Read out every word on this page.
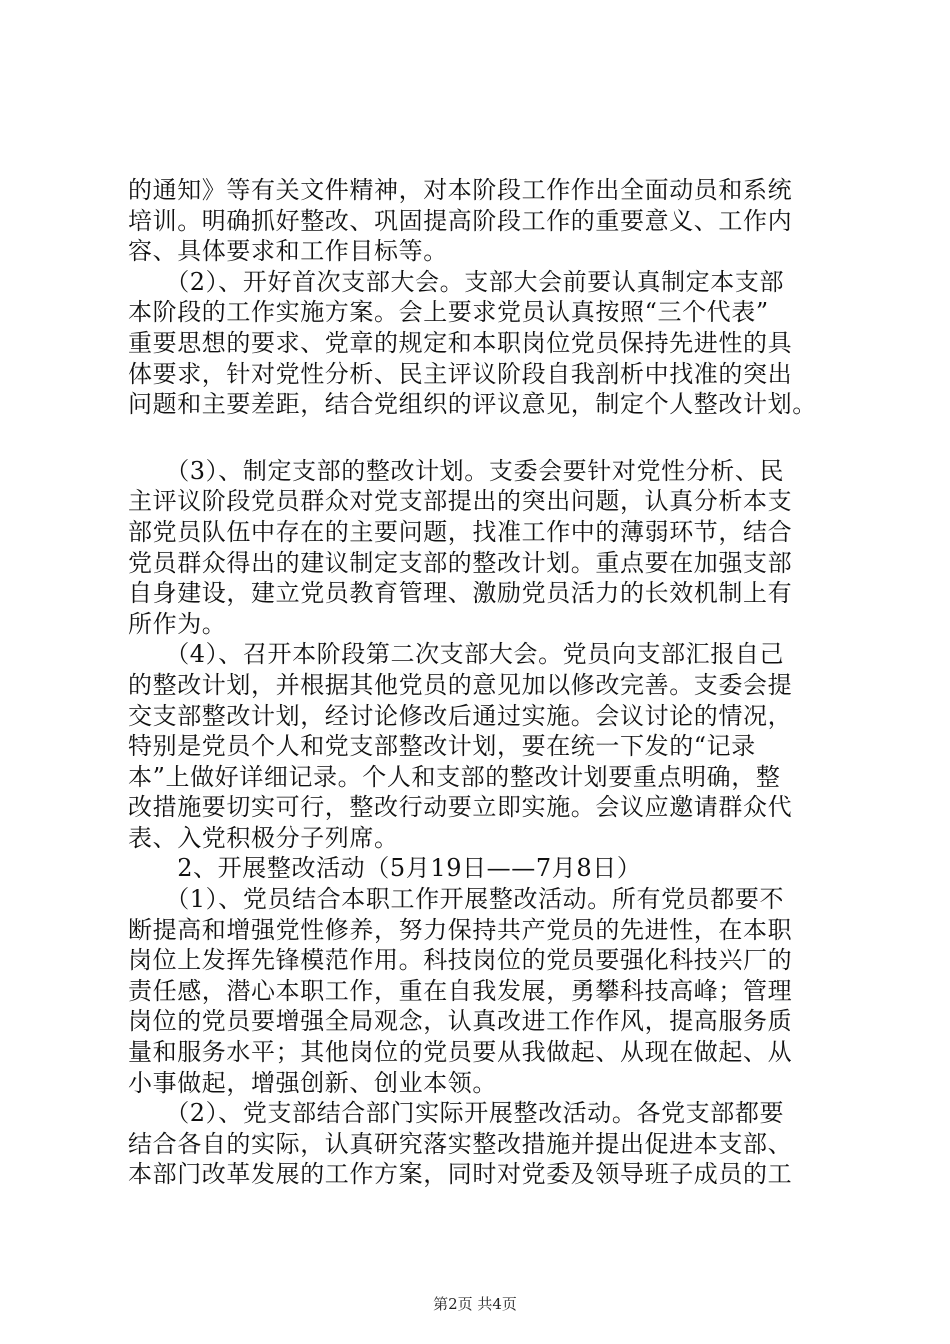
的通知》等有关文件精神，对本阶段工作作出全面动员和系统
培训。明确抓好整改、巩固提高阶段工作的重要意义、工作内
容、具体要求和工作目标等。
　　（2）、开好首次支部大会。支部大会前要认真制定本支部
本阶段的工作实施方案。会上要求党员认真按照“三个代表”
重要思想的要求、党章的规定和本职岗位党员保持先进性的具
体要求，针对党性分析、民主评议阶段自我剖析中找准的突出
问题和主要差距，结合党组织的评议意见，制定个人整改计划。
　　（3）、制定支部的整改计划。支委会要针对党性分析、民
主评议阶段党员群众对党支部提出的突出问题，认真分析本支
部党员队伍中存在的主要问题，找准工作中的薄弱环节，结合
党员群众得出的建议制定支部的整改计划。重点要在加强支部
自身建设，建立党员教育管理、激励党员活力的长效机制上有
所作为。
　　（4）、召开本阶段第二次支部大会。党员向支部汇报自己
的整改计划，并根据其他党员的意见加以修改完善。支委会提
交支部整改计划，经讨论修改后通过实施。会议讨论的情况，
特别是党员个人和党支部整改计划，要在统一下发的“记录
本”上做好详细记录。个人和支部的整改计划要重点明确，整
改措施要切实可行，整改行动要立即实施。会议应邀请群众代
表、入党积极分子列席。
　　2、开展整改活动（5月19日——7月8日）
　　（1）、党员结合本职工作开展整改活动。所有党员都要不
断提高和增强党性修养，努力保持共产党员的先进性，在本职
岗位上发挥先锋模范作用。科技岗位的党员要强化科技兴厂的
责任感，潜心本职工作，重在自我发展，勇攀科技高峰；管理
岗位的党员要增强全局观念，认真改进工作作风，提高服务质
量和服务水平；其他岗位的党员要从我做起、从现在做起、从
小事做起，增强创新、创业本领。
　　（2）、党支部结合部门实际开展整改活动。各党支部都要
结合各自的实际，认真研究落实整改措施并提出促进本支部、
本部门改革发展的工作方案，同时对党委及领导班子成员的工
第2页 共4页
